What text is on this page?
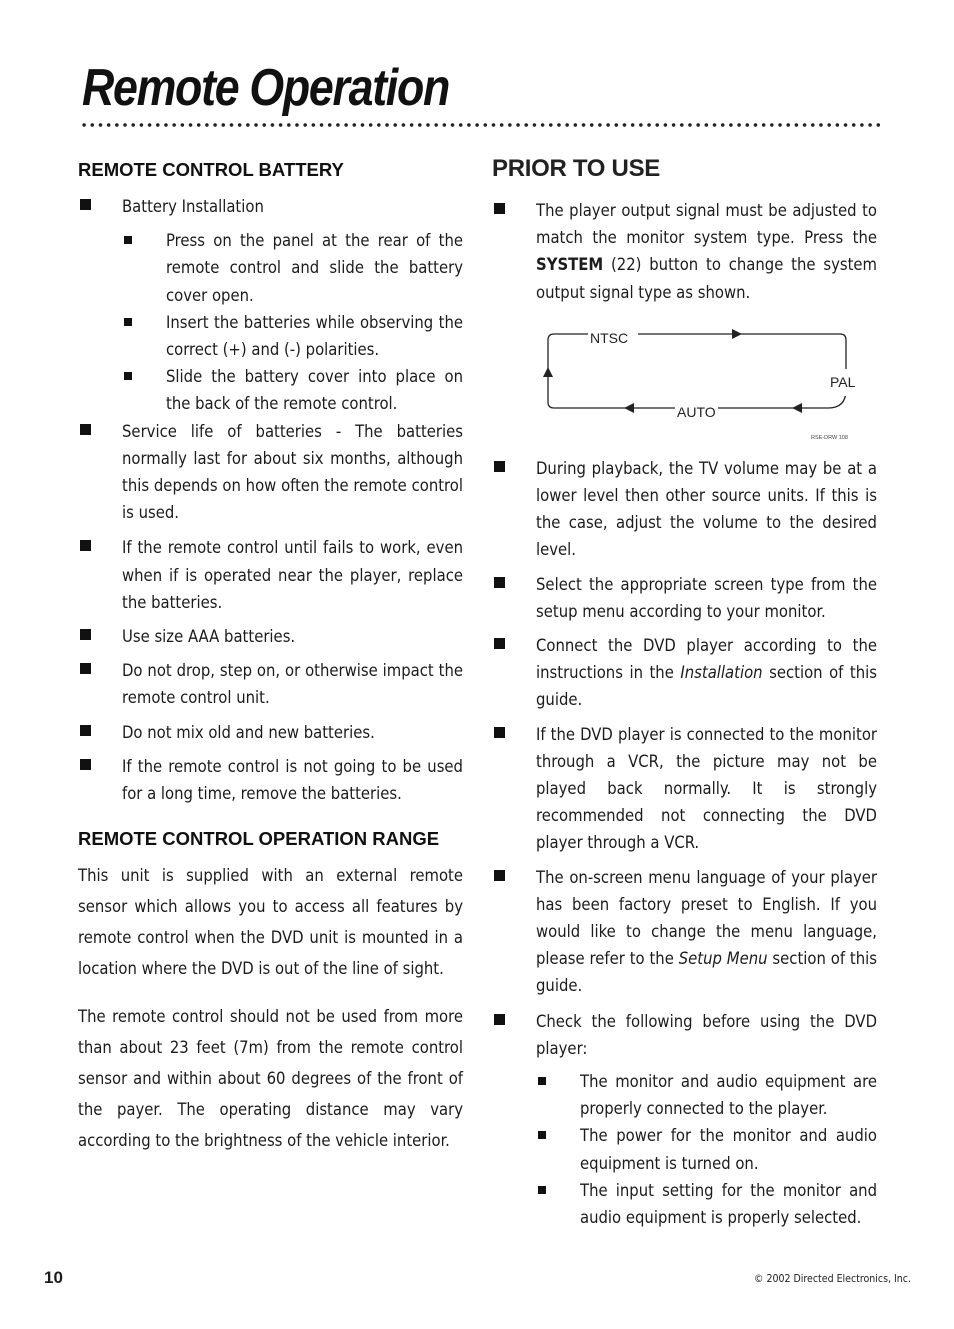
Remote Operation
REMOTE CONTROL BATTERY
Battery Installation
Press on the panel at the rear of the remote control and slide the battery cover open.
Insert the batteries while observing the correct (+) and (-) polarities.
Slide the battery cover into place on the back of the remote control.
Service life of batteries - The batteries normally last for about six months, although this depends on how often the remote control is used.
If the remote control until fails to work, even when if is operated near the player, replace the batteries.
Use size AAA batteries.
Do not drop, step on, or otherwise impact the remote control unit.
Do not mix old and new batteries.
If the remote control is not going to be used for a long time, remove the batteries.
REMOTE CONTROL OPERATION RANGE
This unit is supplied with an external remote sensor which allows you to access all features by remote control when the DVD unit is mounted in a location where the DVD is out of the line of sight.
The remote control should not be used from more than about 23 feet (7m) from the remote control sensor and within about 60 degrees of the front of the payer. The operating distance may vary according to the brightness of the vehicle interior.
PRIOR TO USE
The player output signal must be adjusted to match the monitor system type. Press the SYSTEM (22) button to change the system output signal type as shown.
NTSC
PAL
AUTO
RSE-DRW 108
During playback, the TV volume may be at a lower level then other source units. If this is the case, adjust the volume to the desired level.
Select the appropriate screen type from the setup menu according to your monitor.
Connect the DVD player according to the instructions in the Installation section of this guide.
If the DVD player is connected to the monitor through a VCR, the picture may not be played back normally. It is strongly recommended not connecting the DVD player through a VCR.
The on-screen menu language of your player has been factory preset to English. If you would like to change the menu language, please refer to the Setup Menu section of this guide.
Check the following before using the DVD player:
The monitor and audio equipment are properly connected to the player.
The power for the monitor and audio equipment is turned on.
The input setting for the monitor and audio equipment is properly selected.
10	© 2002 Directed Electronics, Inc.
